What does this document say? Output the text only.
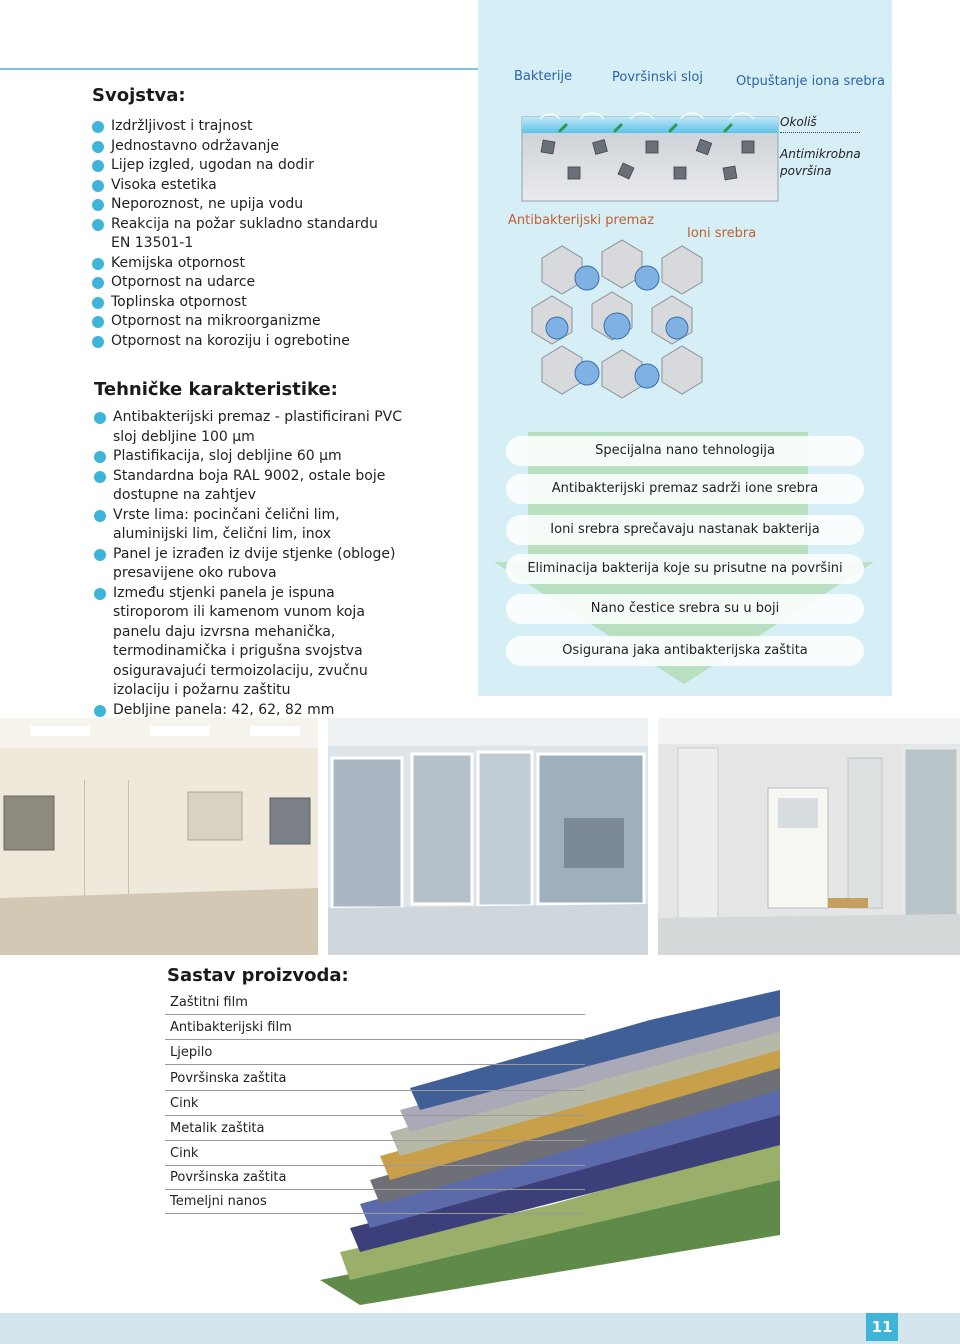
Svojstva:
Izdržljivost i trajnost
Jednostavno održavanje
Lijep izgled, ugodan na dodir
Visoka estetika
Neporoznost, ne upija vodu
Reakcija na požar sukladno standardu EN 13501-1
Kemijska otpornost
Otpornost na udarce
Toplinska otpornost
Otpornost na mikroorganizme
Otpornost na koroziju i ogrebotine
Tehničke karakteristike:
Antibakterijski premaz - plastificirani PVC sloj debljine 100 µm
Plastifikacija, sloj debljine 60 µm
Standardna boja RAL 9002, ostale boje dostupne na zahtjev
Vrste lima: pocinčani čelični lim, aluminijski lim, čelični lim, inox
Panel je izrađen iz dvije stjenke (obloge) presavijene oko rubova
Između stjenki panela je ispuna stiroporom ili kamenom vunom koja panelu daju izvrsna mehanička, termodinamička i prigušna svojstva osiguravajući termoizolaciju, zvučnu izolaciju i požarnu zaštitu
Debljine panela: 42, 62, 82 mm
Bakterije	Površinski sloj	Otpuštanje iona srebra
Okoliš
Antimikrobna površina
Antibakterijski premaz
Ioni srebra
Specijalna nano tehnologija
Antibakterijski premaz sadrži ione srebra
Ioni srebra sprečavaju nastanak bakterija
Eliminacija bakterija koje su prisutne na površini
Nano čestice srebra su u boji
Osigurana jaka antibakterijska zaštita
Sastav proizvoda:
Zaštitni film
Antibakterijski film
Ljepilo
Površinska zaštita
Cink
Metalik zaštita
Cink
Površinska zaštita
Temeljni nanos
11
